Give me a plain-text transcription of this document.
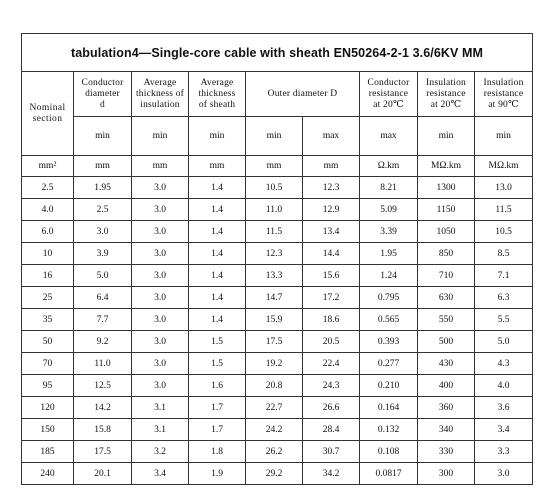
tabulation4—Single-core cable with sheath EN50264-2-1 3.6/6KV MM								

Nominal
section	Conductor
diameter
d	Average
thickness of
insulation	Average
thickness
of sheath	Outer diameter D		Conductor
resistance
at 20℃	Insulation
resistance
at 20℃	Insulation
resistance
at 90℃

	min	min	min	min	max	max	min	min
mm²	mm	mm	mm	mm	mm	Ω.km	MΩ.km	MΩ.km
2.5	1.95	3.0	1.4	10.5	12.3	8.21	1300	13.0
4.0	2.5	3.0	1.4	11.0	12.9	5.09	1150	11.5
6.0	3.0	3.0	1.4	11.5	13.4	3.39	1050	10.5
10	3.9	3.0	1.4	12.3	14.4	1.95	850	8.5
16	5.0	3.0	1.4	13.3	15.6	1.24	710	7.1
25	6.4	3.0	1.4	14.7	17.2	0.795	630	6.3
35	7.7	3.0	1.4	15.9	18.6	0.565	550	5.5
50	9.2	3.0	1.5	17.5	20.5	0.393	500	5.0
70	11.0	3.0	1.5	19.2	22.4	0.277	430	4.3
95	12.5	3.0	1.6	20.8	24.3	0.210	400	4.0
120	14.2	3.1	1.7	22.7	26.6	0.164	360	3.6
150	15.8	3.1	1.7	24.2	28.4	0.132	340	3.4
185	17.5	3.2	1.8	26.2	30.7	0.108	330	3.3
240	20.1	3.4	1.9	29.2	34.2	0.0817	300	3.0
